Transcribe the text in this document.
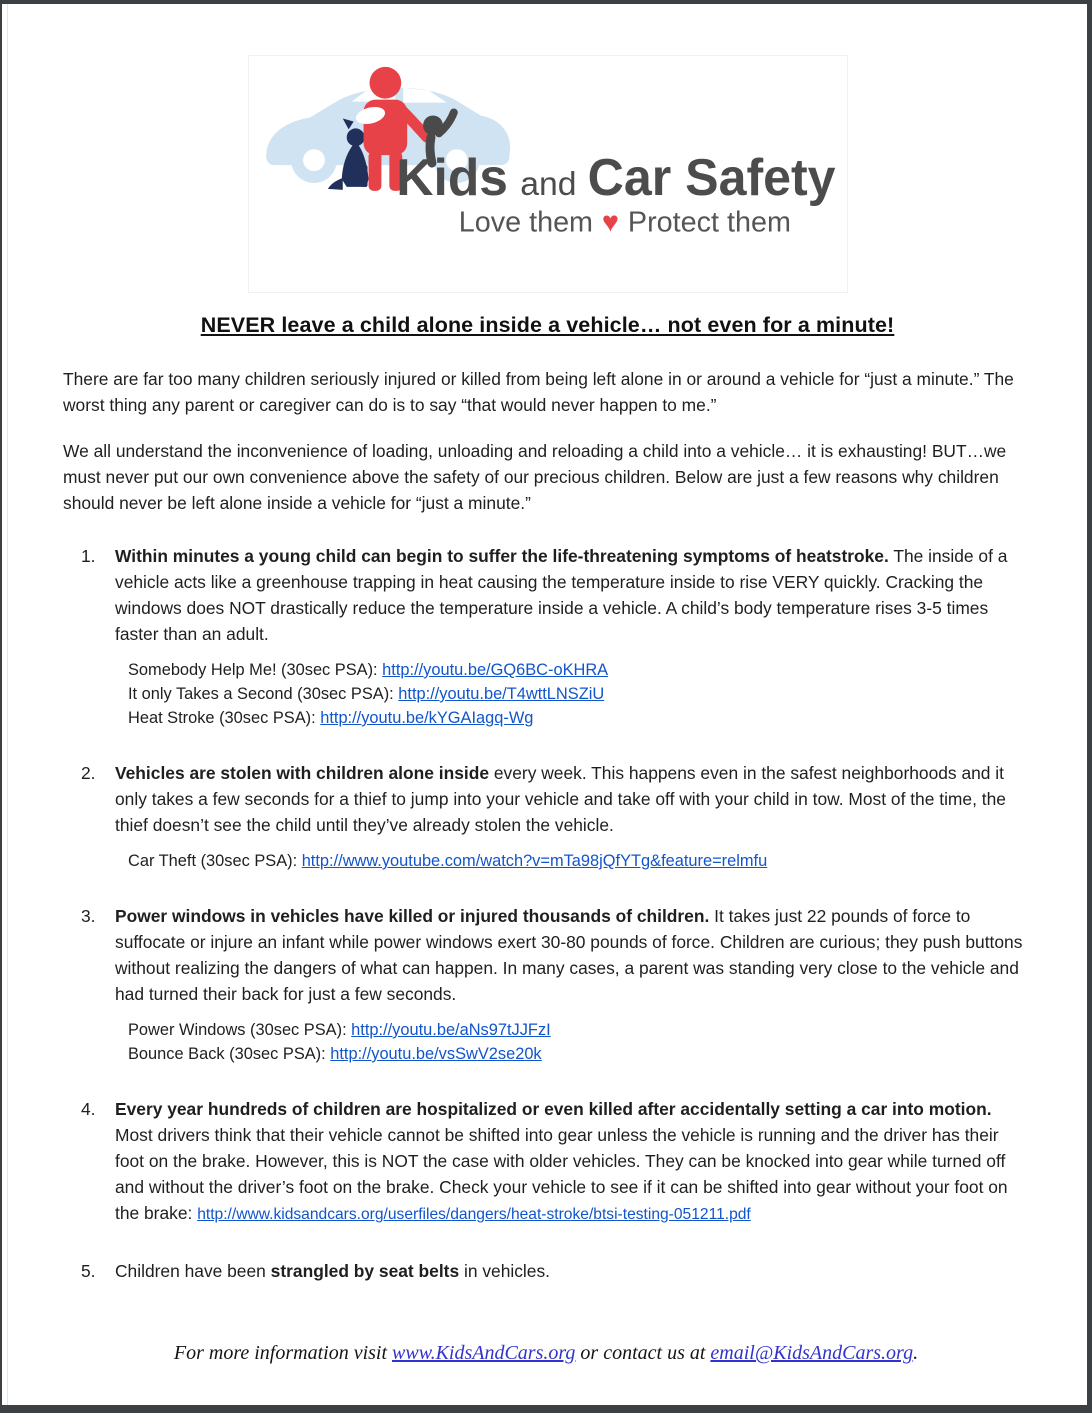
Kids and Car Safety
Love them ♥ Protect them
NEVER leave a child alone inside a vehicle… not even for a minute!

There are far too many children seriously injured or killed from being left alone in or around a vehicle for “just a minute.” The worst thing any parent or caregiver can do is to say “that would never happen to me.”

We all understand the inconvenience of loading, unloading and reloading a child into a vehicle… it is exhausting! BUT…we must never put our own convenience above the safety of our precious children. Below are just a few reasons why children should never be left alone inside a vehicle for “just a minute.”

1. Within minutes a young child can begin to suffer the life-threatening symptoms of heatstroke. The inside of a vehicle acts like a greenhouse trapping in heat causing the temperature inside to rise VERY quickly. Cracking the windows does NOT drastically reduce the temperature inside a vehicle. A child’s body temperature rises 3-5 times faster than an adult.
Somebody Help Me! (30sec PSA): http://youtu.be/GQ6BC-oKHRA
It only Takes a Second (30sec PSA): http://youtu.be/T4wttLNSZiU
Heat Stroke (30sec PSA): http://youtu.be/kYGAIagq-Wg
2. Vehicles are stolen with children alone inside every week. This happens even in the safest neighborhoods and it only takes a few seconds for a thief to jump into your vehicle and take off with your child in tow. Most of the time, the thief doesn’t see the child until they’ve already stolen the vehicle.
Car Theft (30sec PSA): http://www.youtube.com/watch?v=mTa98jQfYTg&feature=relmfu
3. Power windows in vehicles have killed or injured thousands of children. It takes just 22 pounds of force to suffocate or injure an infant while power windows exert 30-80 pounds of force. Children are curious; they push buttons without realizing the dangers of what can happen. In many cases, a parent was standing very close to the vehicle and had turned their back for just a few seconds.
Power Windows (30sec PSA): http://youtu.be/aNs97tJJFzI
Bounce Back (30sec PSA): http://youtu.be/vsSwV2se20k
4. Every year hundreds of children are hospitalized or even killed after accidentally setting a car into motion. Most drivers think that their vehicle cannot be shifted into gear unless the vehicle is running and the driver has their foot on the brake. However, this is NOT the case with older vehicles. They can be knocked into gear while turned off and without the driver’s foot on the brake. Check your vehicle to see if it can be shifted into gear without your foot on the brake: http://www.kidsandcars.org/userfiles/dangers/heat-stroke/btsi-testing-051211.pdf
5. Children have been strangled by seat belts in vehicles.
For more information visit www.KidsAndCars.org or contact us at email@KidsAndCars.org.
